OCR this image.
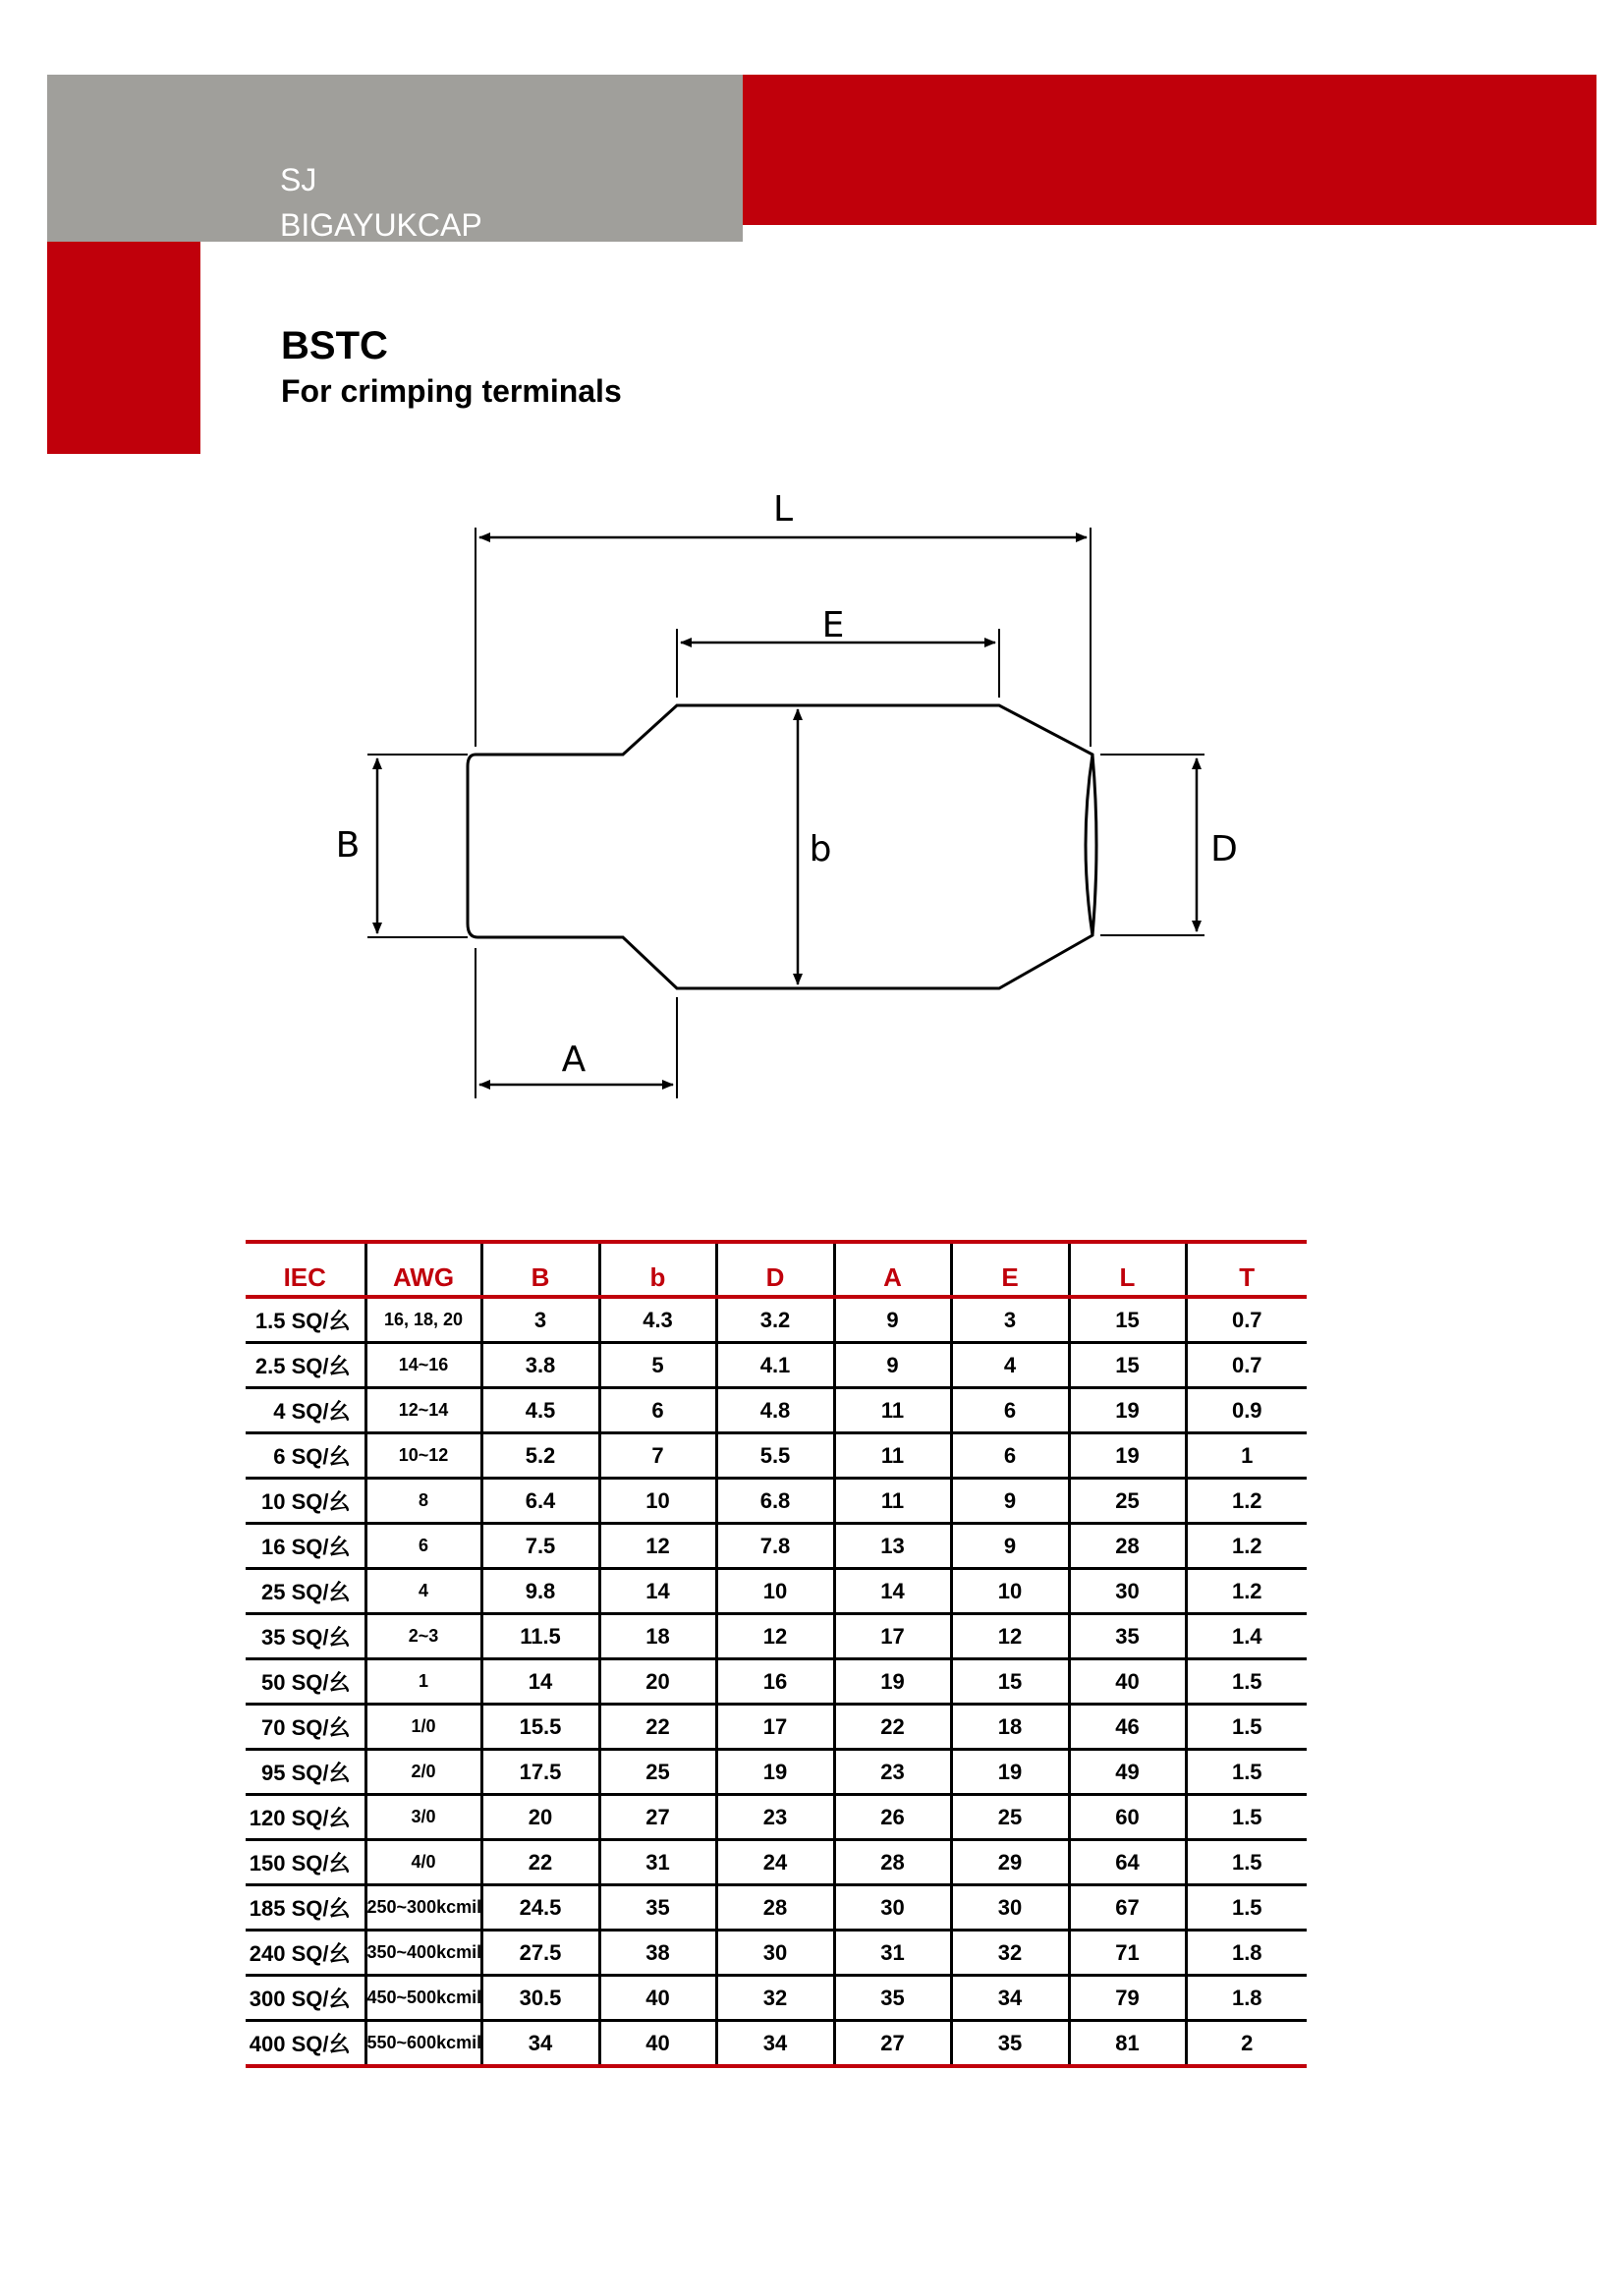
SJ
BIGAYUKCAP
BSTC
For crimping terminals
L
E
B	b	D
A
IEC	AWG	B	b	D	A	E	L	T
1.5 SQ/幺	16, 18, 20	3	4.3	3.2	9	3	15	0.7
2.5 SQ/幺	14~16	3.8	5	4.1	9	4	15	0.7
4 SQ/幺	12~14	4.5	6	4.8	11	6	19	0.9
6 SQ/幺	10~12	5.2	7	5.5	11	6	19	1
10 SQ/幺	8	6.4	10	6.8	11	9	25	1.2
16 SQ/幺	6	7.5	12	7.8	13	9	28	1.2
25 SQ/幺	4	9.8	14	10	14	10	30	1.2
35 SQ/幺	2~3	11.5	18	12	17	12	35	1.4
50 SQ/幺	1	14	20	16	19	15	40	1.5
70 SQ/幺	1/0	15.5	22	17	22	18	46	1.5
95 SQ/幺	2/0	17.5	25	19	23	19	49	1.5
120 SQ/幺	3/0	20	27	23	26	25	60	1.5
150 SQ/幺	4/0	22	31	24	28	29	64	1.5
185 SQ/幺	250~300kcmil	24.5	35	28	30	30	67	1.5
240 SQ/幺	350~400kcmil	27.5	38	30	31	32	71	1.8
300 SQ/幺	450~500kcmil	30.5	40	32	35	34	79	1.8
400 SQ/幺	550~600kcmil	34	40	34	27	35	81	2
